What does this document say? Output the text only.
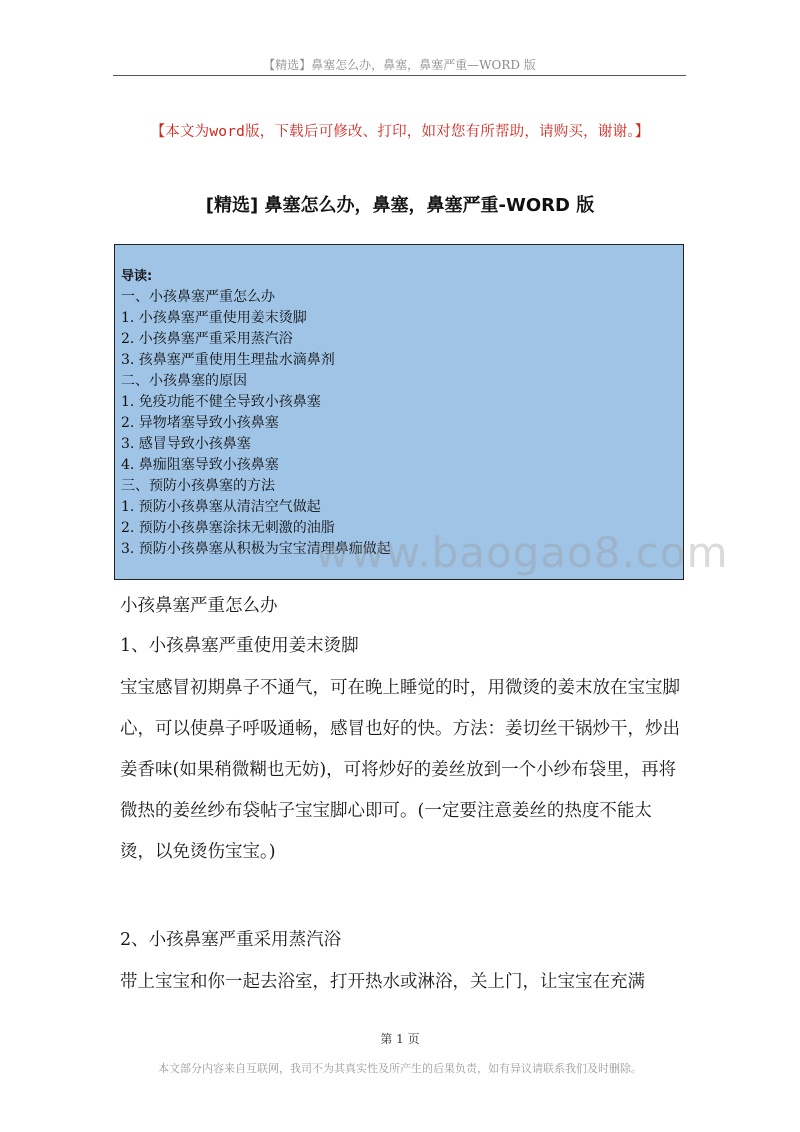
【精选】鼻塞怎么办，鼻塞，鼻塞严重—WORD 版
【本文为word版，下载后可修改、打印，如对您有所帮助，请购买，谢谢。】
[精选] 鼻塞怎么办，鼻塞，鼻塞严重-WORD 版
导读:
一、小孩鼻塞严重怎么办
1. 小孩鼻塞严重使用姜末烫脚
2. 小孩鼻塞严重采用蒸汽浴
3. 孩鼻塞严重使用生理盐水滴鼻剂
二、小孩鼻塞的原因
1. 免疫功能不健全导致小孩鼻塞
2. 异物堵塞导致小孩鼻塞
3. 感冒导致小孩鼻塞
4. 鼻痂阻塞导致小孩鼻塞
三、预防小孩鼻塞的方法
1. 预防小孩鼻塞从清洁空气做起
2. 预防小孩鼻塞涂抹无刺激的油脂
3. 预防小孩鼻塞从积极为宝宝清理鼻痂做起
www.baogao8.com
小孩鼻塞严重怎么办
1、小孩鼻塞严重使用姜末烫脚
宝宝感冒初期鼻子不通气，可在晚上睡觉的时，用微烫的姜末放在宝宝脚心，可以使鼻子呼吸通畅，感冒也好的快。方法：姜切丝干锅炒干，炒出姜香味(如果稍微糊也无妨)，可将炒好的姜丝放到一个小纱布袋里，再将微热的姜丝纱布袋帖子宝宝脚心即可。(一定要注意姜丝的热度不能太烫，以免烫伤宝宝。)
2、小孩鼻塞严重采用蒸汽浴
带上宝宝和你一起去浴室，打开热水或淋浴，关上门，让宝宝在充满
第 1 页
本文部分内容来自互联网，我司不为其真实性及所产生的后果负责，如有异议请联系我们及时删除。
